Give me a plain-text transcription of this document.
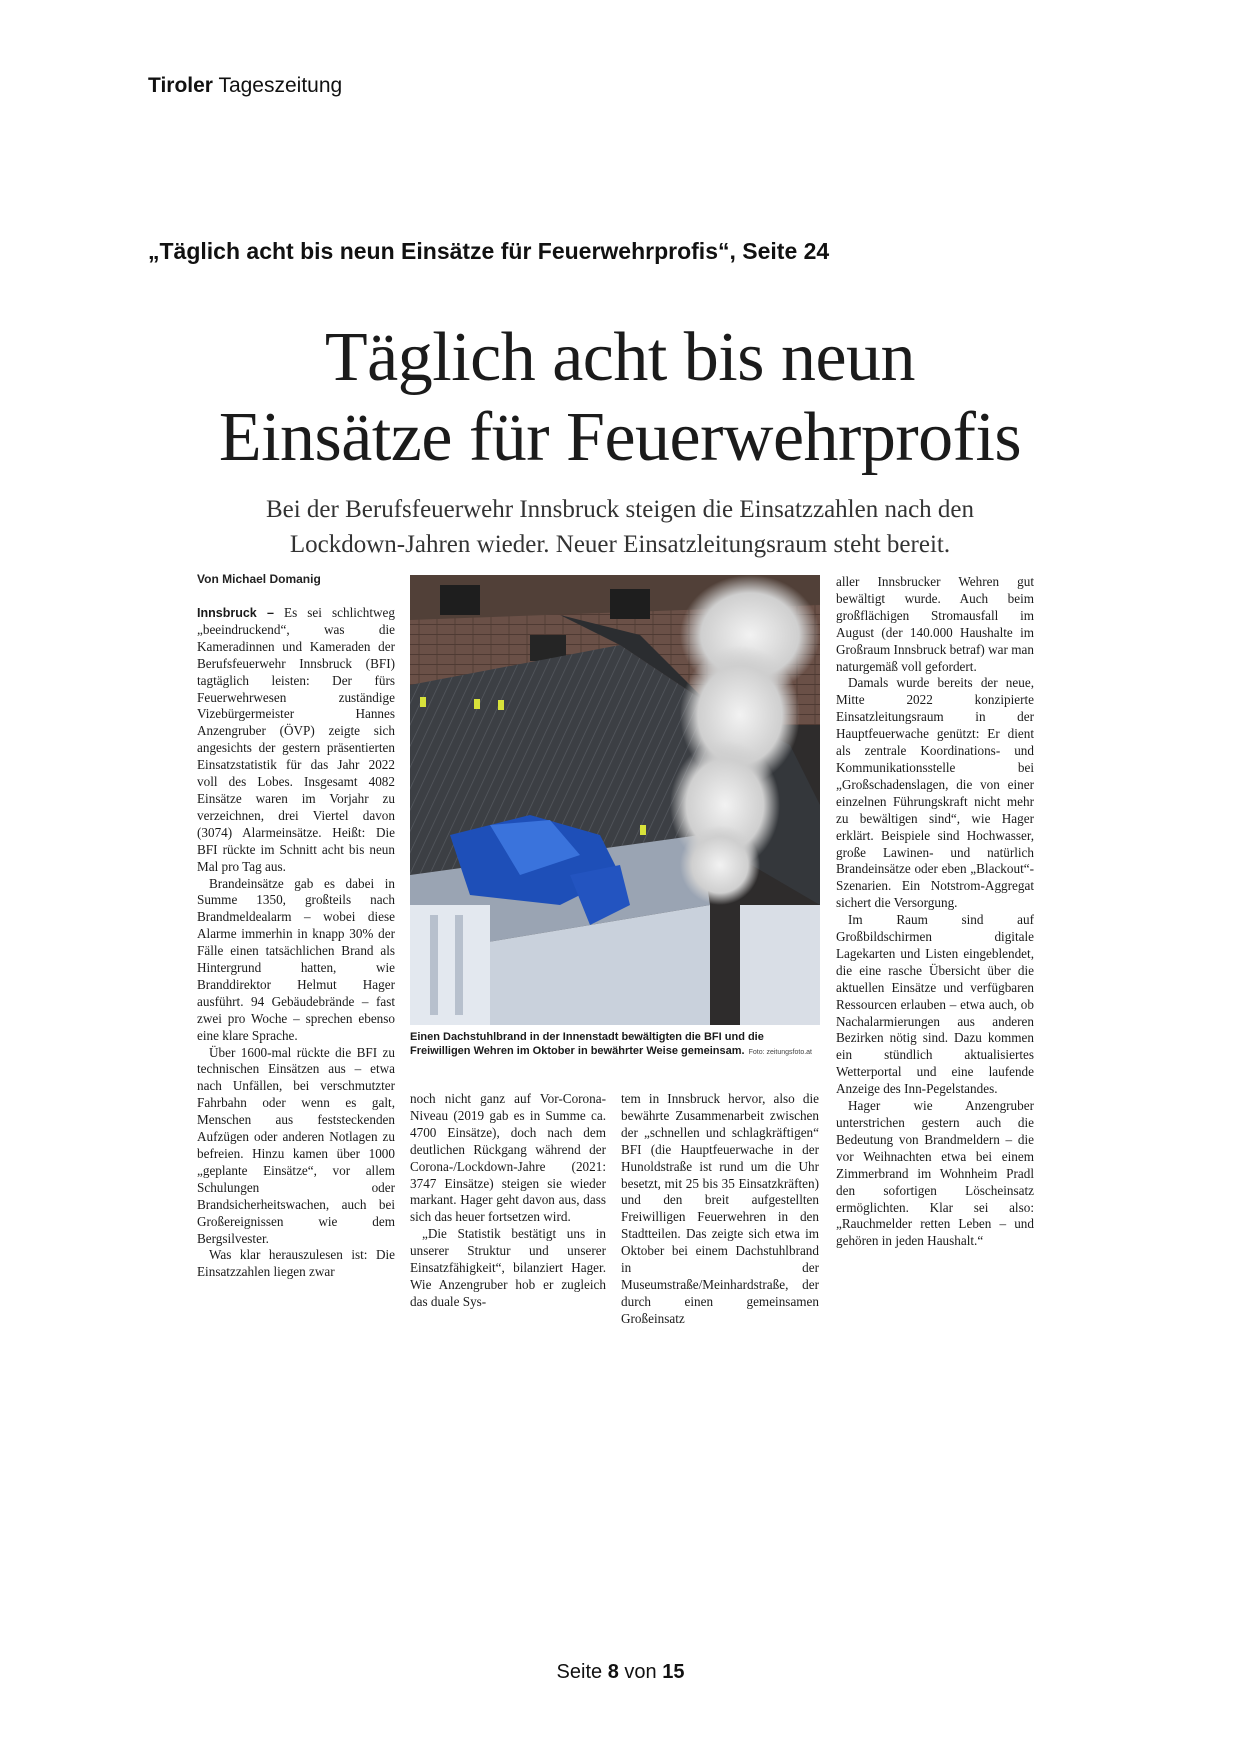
Tiroler Tageszeitung
„Täglich acht bis neun Einsätze für Feuerwehrprofis“, Seite 24
Täglich acht bis neun
Einsätze für Feuerwehrprofis
Bei der Berufsfeuerwehr Innsbruck steigen die Einsatzzahlen nach den
Lockdown-Jahren wieder. Neuer Einsatzleitungsraum steht bereit.
Von Michael Domanig

Innsbruck – Es sei schlichtweg „beeindruckend“, was die Kameradinnen und Kameraden der Berufsfeuerwehr Innsbruck (BFI) tagtäglich leisten: Der fürs Feuerwehrwesen zuständige Vizebürgermeister Hannes Anzengruber (ÖVP) zeigte sich angesichts der gestern präsentierten Einsatzstatistik für das Jahr 2022 voll des Lobes. Insgesamt 4082 Einsätze waren im Vorjahr zu verzeichnen, drei Viertel davon (3074) Alarmeinsätze. Heißt: Die BFI rückte im Schnitt acht bis neun Mal pro Tag aus.

Brandeinsätze gab es dabei in Summe 1350, großteils nach Brandmeldealarm – wobei diese Alarme immerhin in knapp 30% der Fälle einen tatsächlichen Brand als Hintergrund hatten, wie Branddirektor Helmut Hager ausführt. 94 Gebäudebrände – fast zwei pro Woche – sprechen ebenso eine klare Sprache.

Über 1600-mal rückte die BFI zu technischen Einsätzen aus – etwa nach Unfällen, bei verschmutzter Fahrbahn oder wenn es galt, Menschen aus feststeckenden Aufzügen oder anderen Notlagen zu befreien. Hinzu kamen über 1000 „geplante Einsätze“, vor allem Schulungen oder Brandsicherheitswachen, auch bei Großereignissen wie dem Bergsilvester.

Was klar herauszulesen ist: Die Einsatzzahlen liegen zwar

Einen Dachstuhlbrand in der Innenstadt bewältigten die BFI und die Freiwilligen Wehren im Oktober in bewährter Weise gemeinsam. Foto: zeitungsfoto.at

noch nicht ganz auf Vor-Corona-Niveau (2019 gab es in Summe ca. 4700 Einsätze), doch nach dem deutlichen Rückgang während der Corona-/Lockdown-Jahre (2021: 3747 Einsätze) steigen sie wieder markant. Hager geht davon aus, dass sich das heuer fortsetzen wird.

„Die Statistik bestätigt uns in unserer Struktur und unserer Einsatzfähigkeit“, bilanziert Hager. Wie Anzengruber hob er zugleich das duale Sys-

tem in Innsbruck hervor, also die bewährte Zusammenarbeit zwischen der „schnellen und schlagkräftigen“ BFI (die Hauptfeuerwache in der Hunoldstraße ist rund um die Uhr besetzt, mit 25 bis 35 Einsatzkräften) und den breit aufgestellten Freiwilligen Feuerwehren in den Stadtteilen. Das zeigte sich etwa im Oktober bei einem Dachstuhlbrand in der Museumstraße/Meinhardstraße, der durch einen gemeinsamen Großeinsatz

aller Innsbrucker Wehren gut bewältigt wurde. Auch beim großflächigen Stromausfall im August (der 140.000 Haushalte im Großraum Innsbruck betraf) war man naturgemäß voll gefordert.

Damals wurde bereits der neue, Mitte 2022 konzipierte Einsatzleitungsraum in der Hauptfeuerwache genützt: Er dient als zentrale Koordinations- und Kommunikationsstelle bei „Großschadenslagen, die von einer einzelnen Führungskraft nicht mehr zu bewältigen sind“, wie Hager erklärt. Beispiele sind Hochwasser, große Lawinen- und natürlich Brandeinsätze oder eben „Blackout“-Szenarien. Ein Notstrom-Aggregat sichert die Versorgung.

Im Raum sind auf Großbildschirmen digitale Lagekarten und Listen eingeblendet, die eine rasche Übersicht über die aktuellen Einsätze und verfügbaren Ressourcen erlauben – etwa auch, ob Nachalarmierungen aus anderen Bezirken nötig sind. Dazu kommen ein stündlich aktualisiertes Wetterportal und eine laufende Anzeige des Inn-Pegelstandes.

Hager wie Anzengruber unterstrichen gestern auch die Bedeutung von Brandmeldern – die vor Weihnachten etwa bei einem Zimmerbrand im Wohnheim Pradl den sofortigen Löscheinsatz ermöglichten. Klar sei also: „Rauchmelder retten Leben – und gehören in jeden Haushalt.“

Seite 8 von 15
